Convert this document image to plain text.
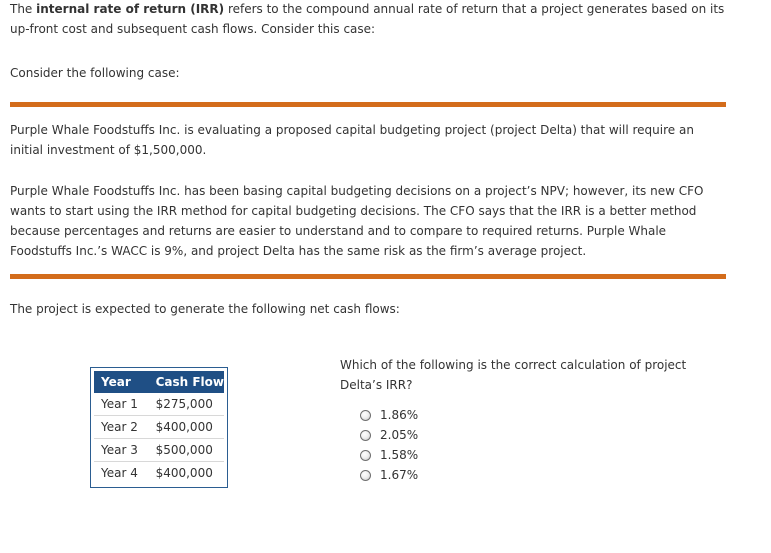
The internal rate of return (IRR) refers to the compound annual rate of return that a project generates based on its up-front cost and subsequent cash flows. Consider this case:

Consider the following case:

Purple Whale Foodstuffs Inc. is evaluating a proposed capital budgeting project (project Delta) that will require an initial investment of $1,500,000.

Purple Whale Foodstuffs Inc. has been basing capital budgeting decisions on a project’s NPV; however, its new CFO wants to start using the IRR method for capital budgeting decisions. The CFO says that the IRR is a better method because percentages and returns are easier to understand and to compare to required returns. Purple Whale Foodstuffs Inc.’s WACC is 9%, and project Delta has the same risk as the firm’s average project.

The project is expected to generate the following net cash flows:

Year	Cash Flow
Year 1	$275,000
Year 2	$400,000
Year 3	$500,000
Year 4	$400,000

Which of the following is the correct calculation of project Delta’s IRR?

1.86%
2.05%
1.58%
1.67%
